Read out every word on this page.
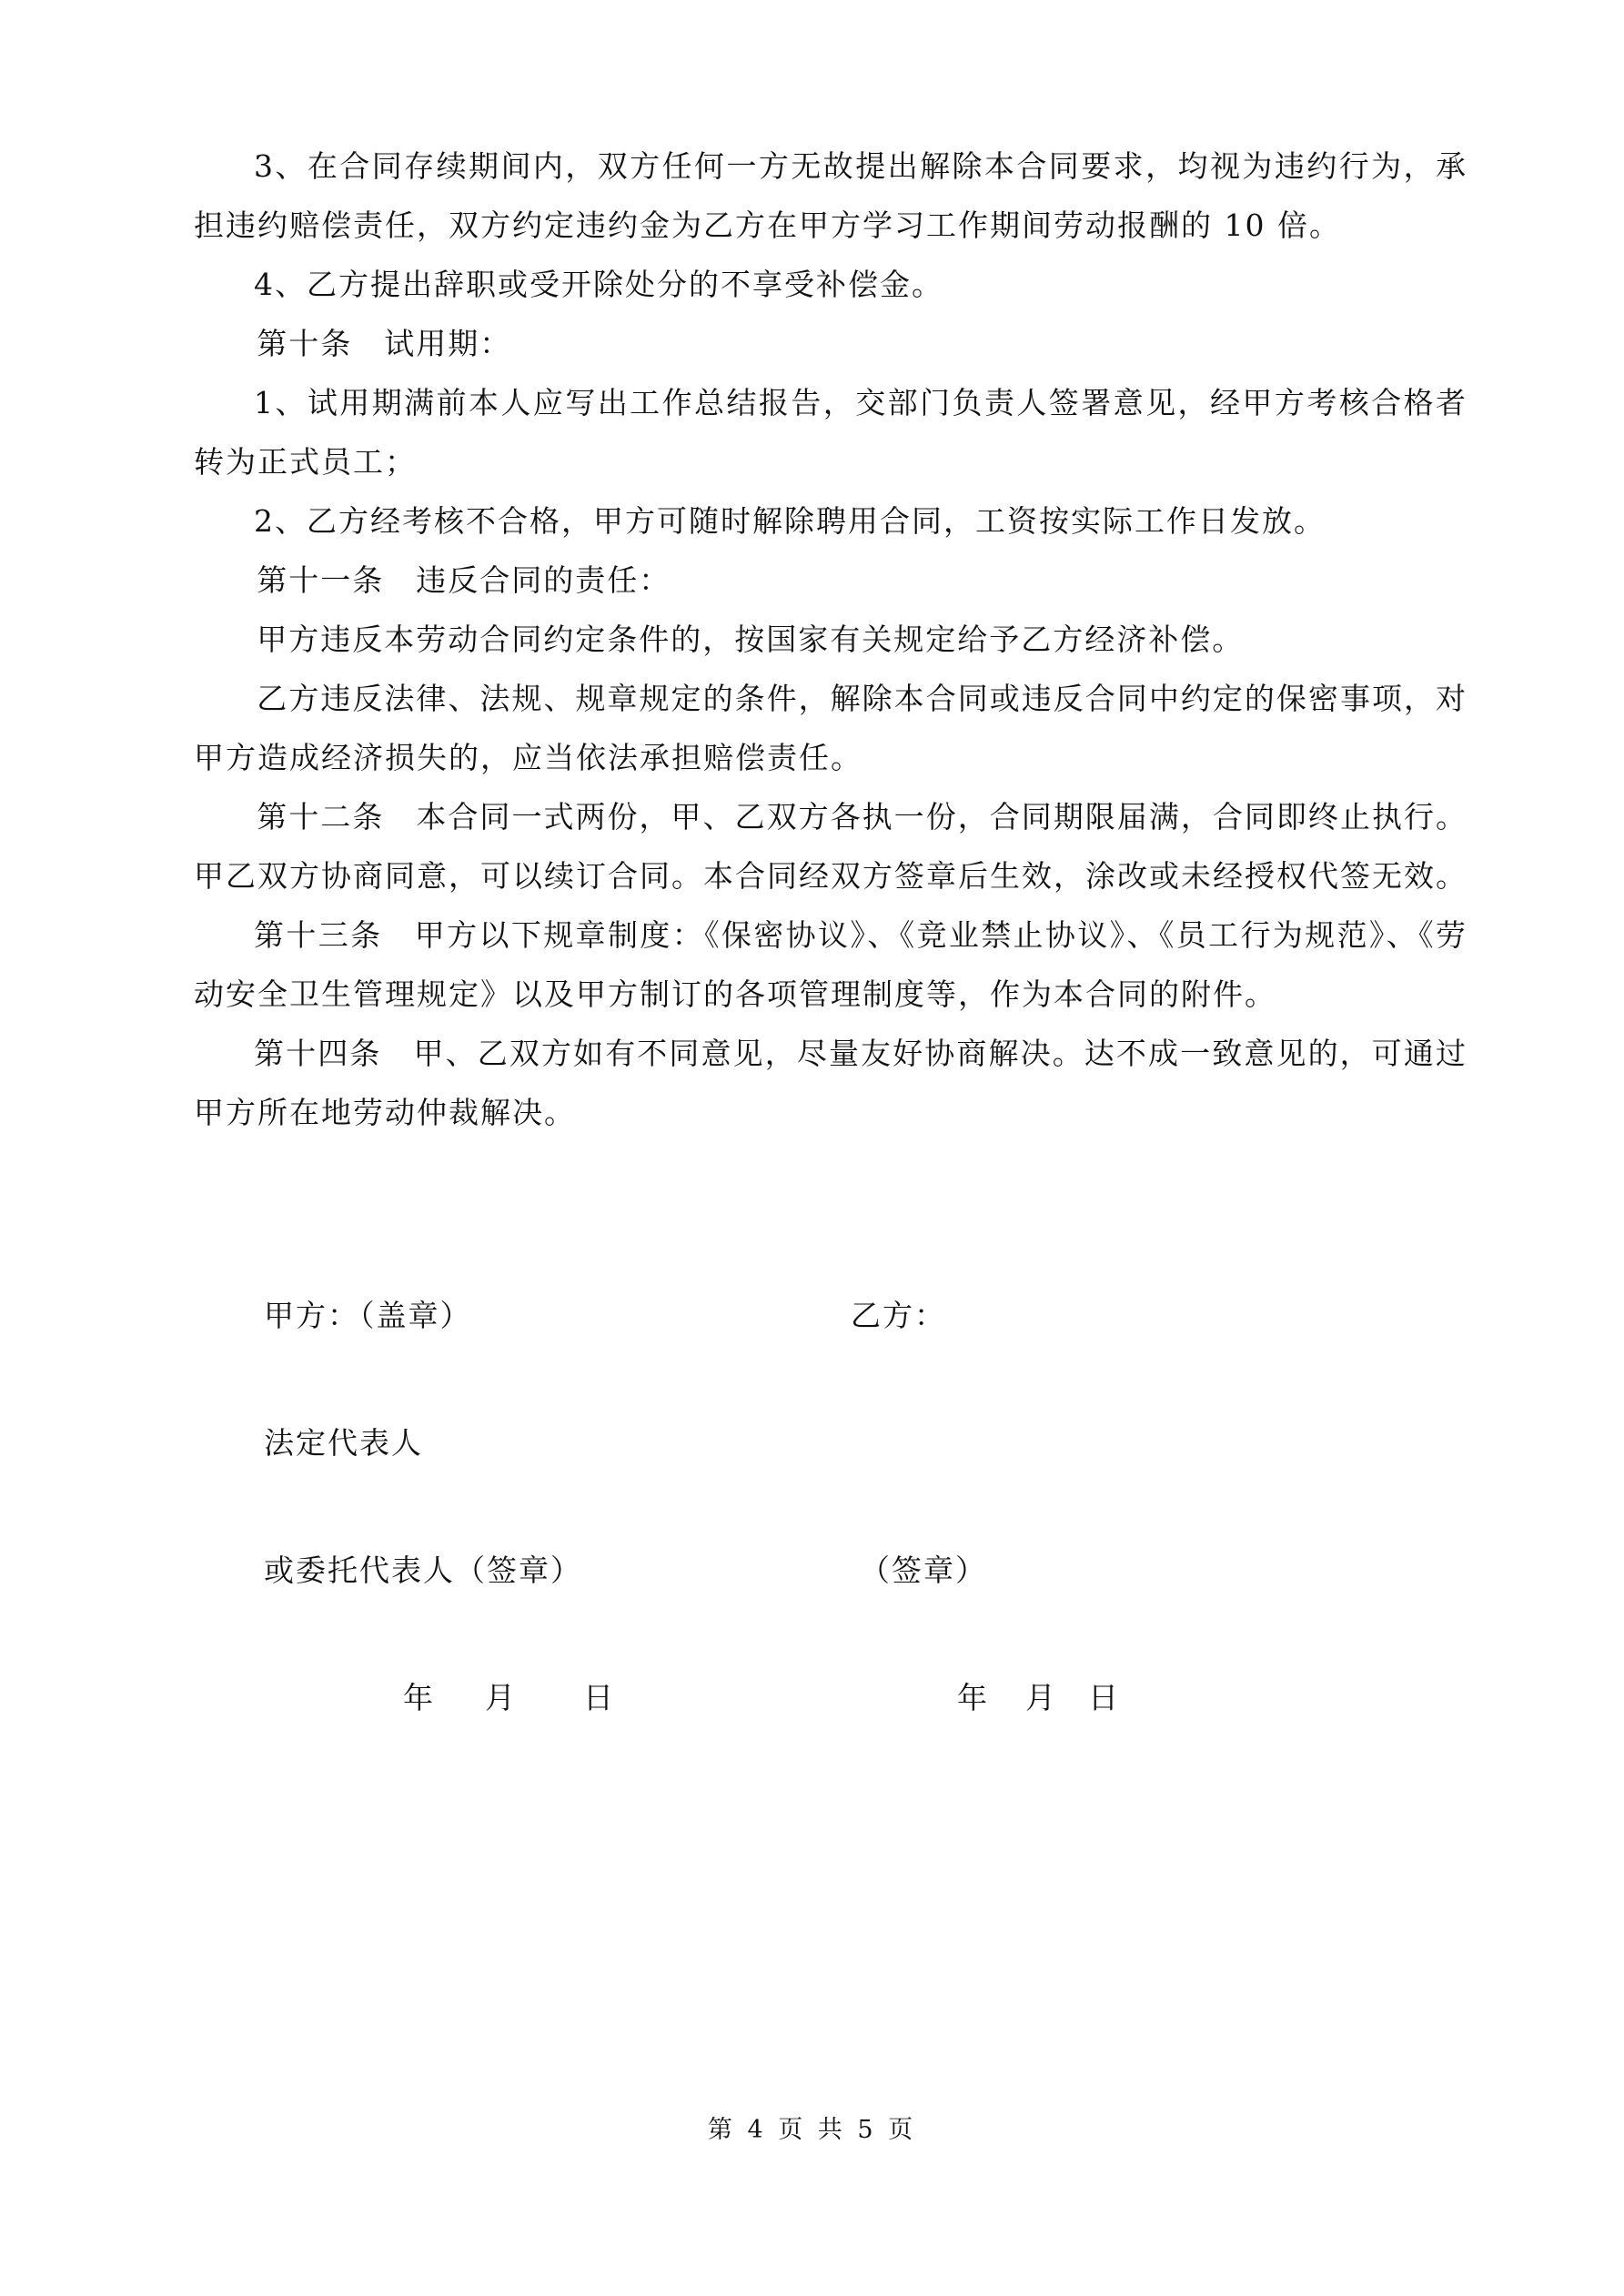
3、在合同存续期间内，双方任何一方无故提出解除本合同要求，均视为违约行为，承担违约赔偿责任，双方约定违约金为乙方在甲方学习工作期间劳动报酬的 10 倍。

4、乙方提出辞职或受开除处分的不享受补偿金。

第十条　试用期：

1、试用期满前本人应写出工作总结报告，交部门负责人签署意见，经甲方考核合格者转为正式员工；

2、乙方经考核不合格，甲方可随时解除聘用合同，工资按实际工作日发放。

第十一条　违反合同的责任：

甲方违反本劳动合同约定条件的，按国家有关规定给予乙方经济补偿。

乙方违反法律、法规、规章规定的条件，解除本合同或违反合同中约定的保密事项，对甲方造成经济损失的，应当依法承担赔偿责任。

第十二条　本合同一式两份，甲、乙双方各执一份，合同期限届满，合同即终止执行。甲乙双方协商同意，可以续订合同。本合同经双方签章后生效，涂改或未经授权代签无效。

第十三条　甲方以下规章制度：《保密协议》、《竞业禁止协议》、《员工行为规范》、《劳动安全卫生管理规定》以及甲方制订的各项管理制度等，作为本合同的附件。

第十四条　甲、乙双方如有不同意见，尽量友好协商解决。达不成一致意见的，可通过甲方所在地劳动仲裁解决。

甲方：（盖章）	乙方：
法定代表人
或委托代表人（签章）	（签章）
年 月 日	年 月 日
第 4 页 共 5 页
